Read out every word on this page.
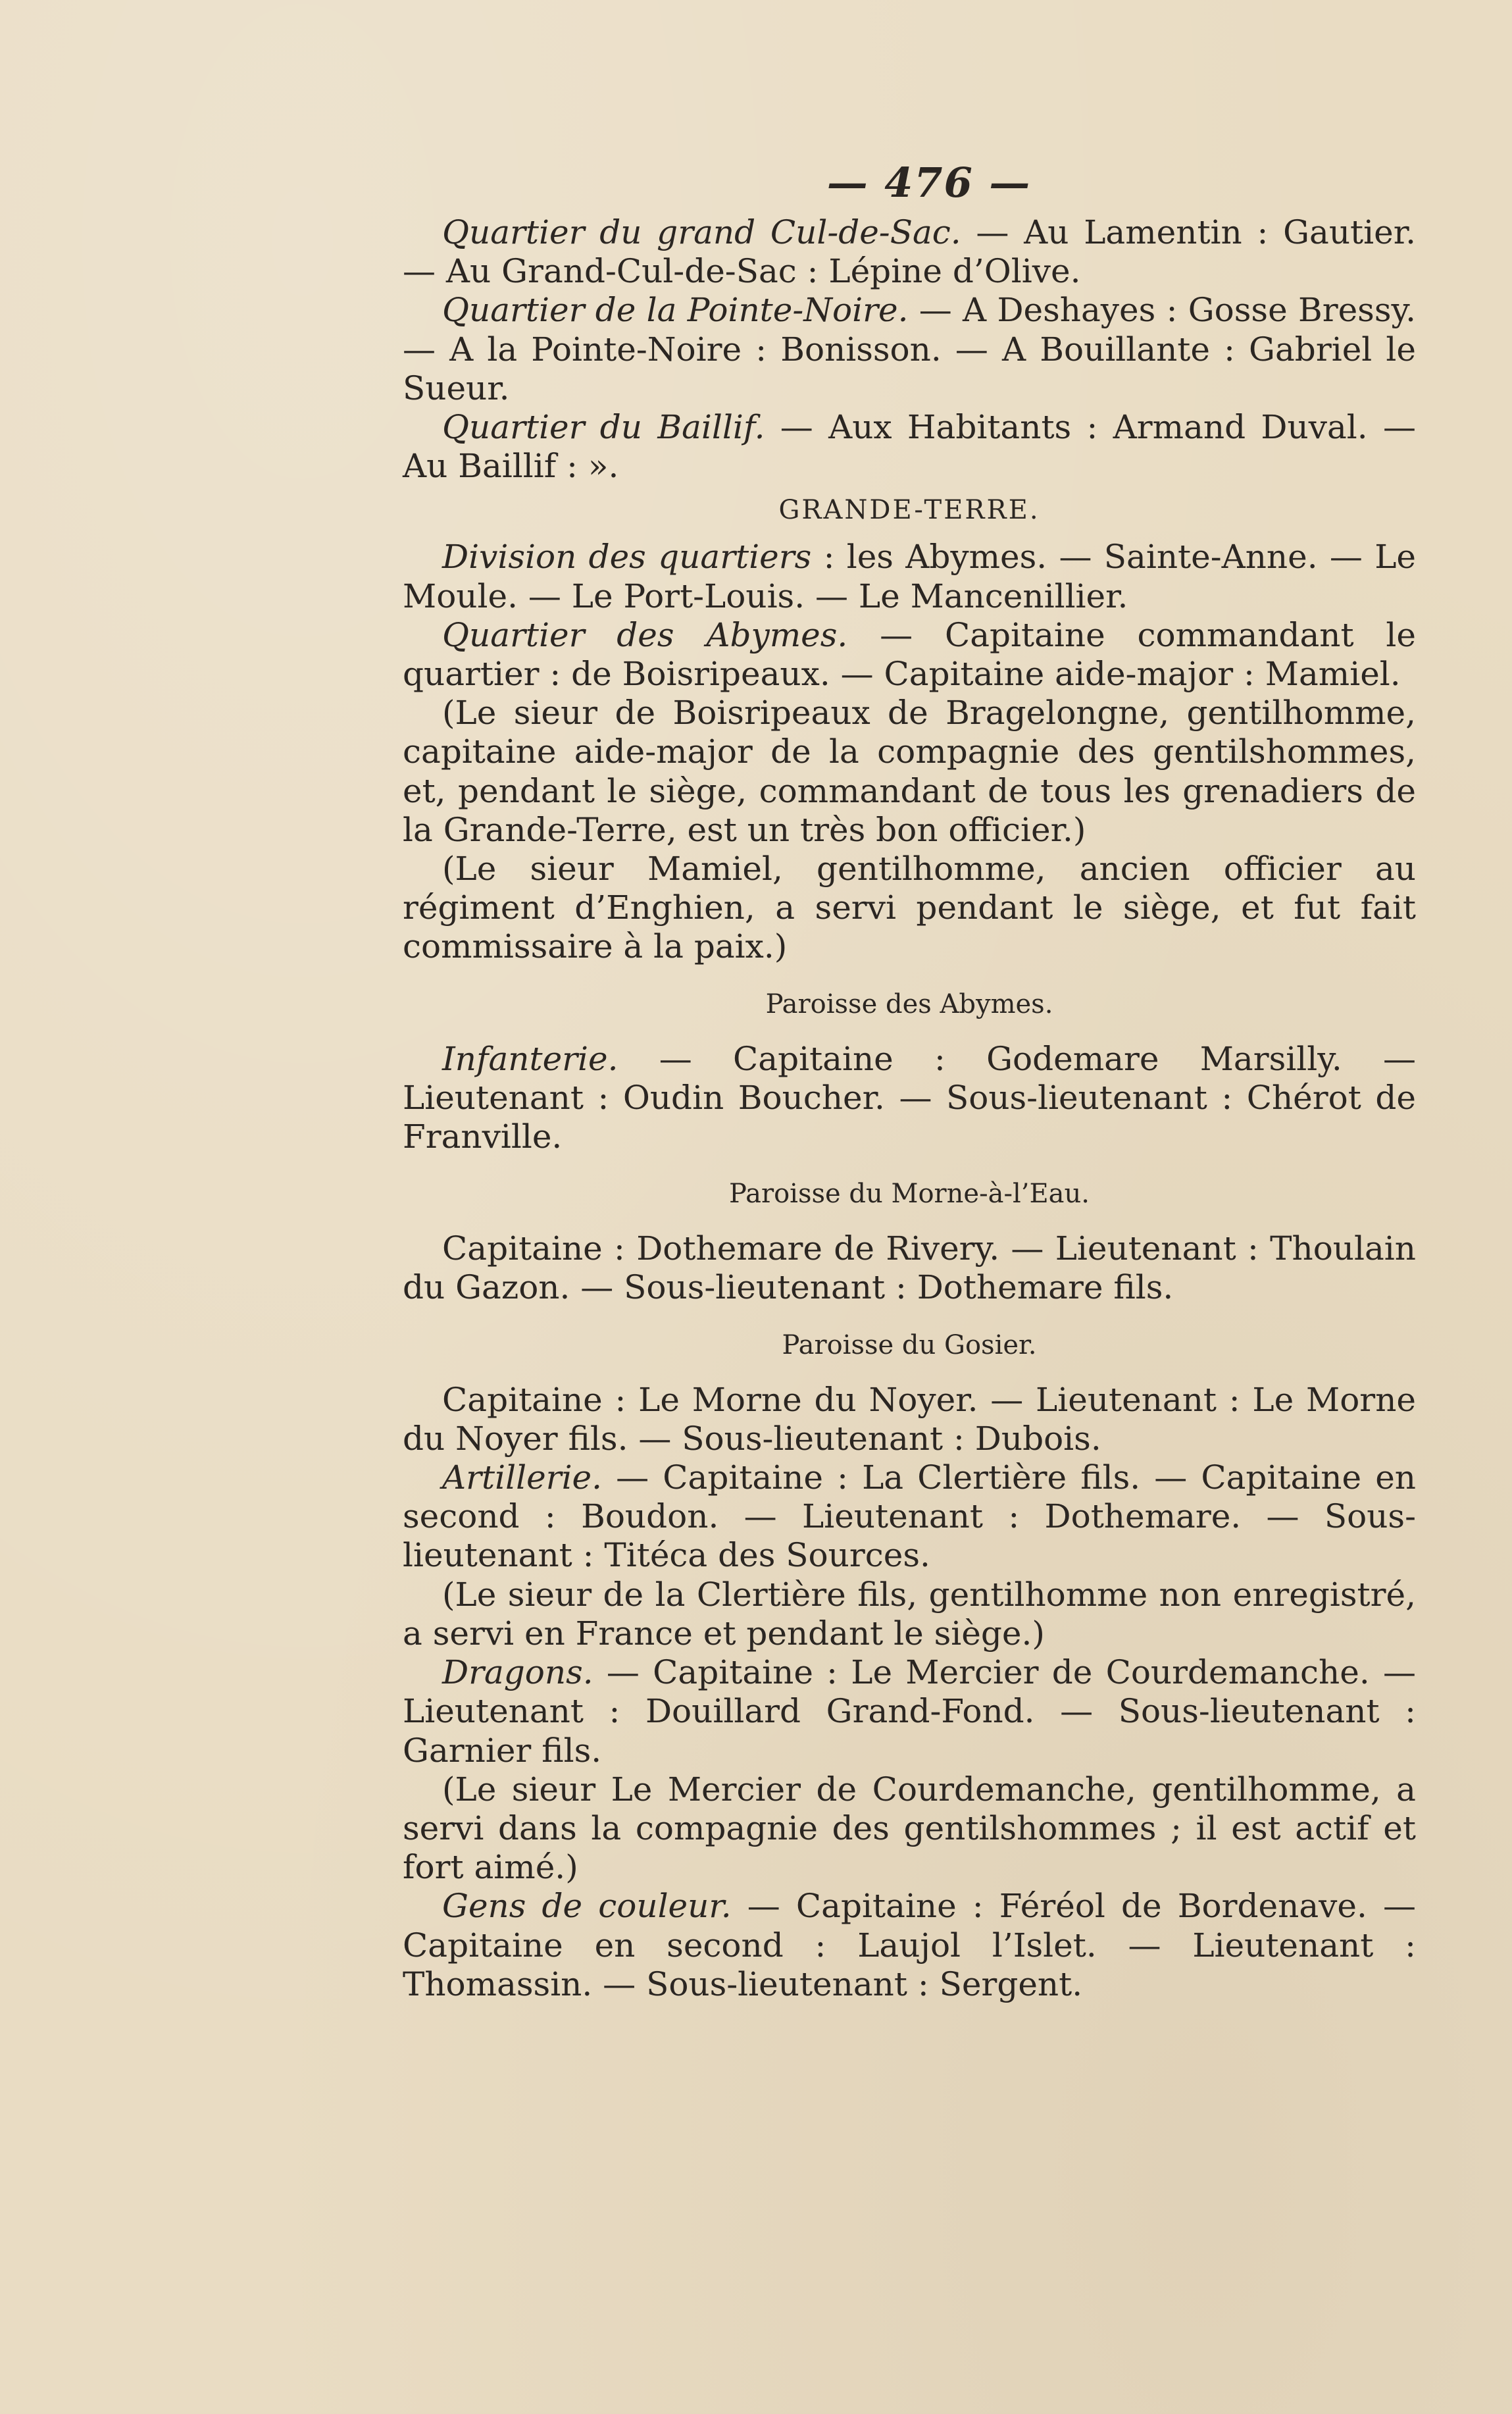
— 476 —

Quartier du grand Cul-de-Sac. — Au Lamentin : Gautier. — Au Grand-Cul-de-Sac : Lépine d’Olive.

Quartier de la Pointe-Noire. — A Deshayes : Gosse Bressy. — A la Pointe-Noire : Bonisson. — A Bouillante : Gabriel le Sueur.

Quartier du Baillif. — Aux Habitants : Armand Duval. — Au Baillif : ».

GRANDE-TERRE.

Division des quartiers : les Abymes. — Sainte-Anne. — Le Moule. — Le Port-Louis. — Le Mancenillier.

Quartier des Abymes. — Capitaine commandant le quartier : de Boisripeaux. — Capitaine aide-major : Mamiel.

(Le sieur de Boisripeaux de Bragelongne, gentilhomme, capitaine aide-major de la compagnie des gentilshommes, et, pendant le siège, commandant de tous les grenadiers de la Grande-Terre, est un très bon officier.)

(Le sieur Mamiel, gentilhomme, ancien officier au régiment d’Enghien, a servi pendant le siège, et fut fait commissaire à la paix.)

Paroisse des Abymes.

Infanterie. — Capitaine : Godemare Marsilly. — Lieutenant : Oudin Boucher. — Sous-lieutenant : Chérot de Franville.

Paroisse du Morne-à-l’Eau.

Capitaine : Dothemare de Rivery. — Lieutenant : Thoulain du Gazon. — Sous-lieutenant : Dothemare fils.

Paroisse du Gosier.

Capitaine : Le Morne du Noyer. — Lieutenant : Le Morne du Noyer fils. — Sous-lieutenant : Dubois.

Artillerie. — Capitaine : La Clertière fils. — Capitaine en second : Boudon. — Lieutenant : Dothemare. — Sous-lieutenant : Titéca des Sources.

(Le sieur de la Clertière fils, gentilhomme non enregistré, a servi en France et pendant le siège.)

Dragons. — Capitaine : Le Mercier de Courdemanche. — Lieutenant : Douillard Grand-Fond. — Sous-lieutenant : Garnier fils.

(Le sieur Le Mercier de Courdemanche, gentilhomme, a servi dans la compagnie des gentilshommes ; il est actif et fort aimé.)

Gens de couleur. — Capitaine : Féréol de Bordenave. — Capitaine en second : Laujol l’Islet. — Lieutenant : Thomassin. — Sous-lieutenant : Sergent.
